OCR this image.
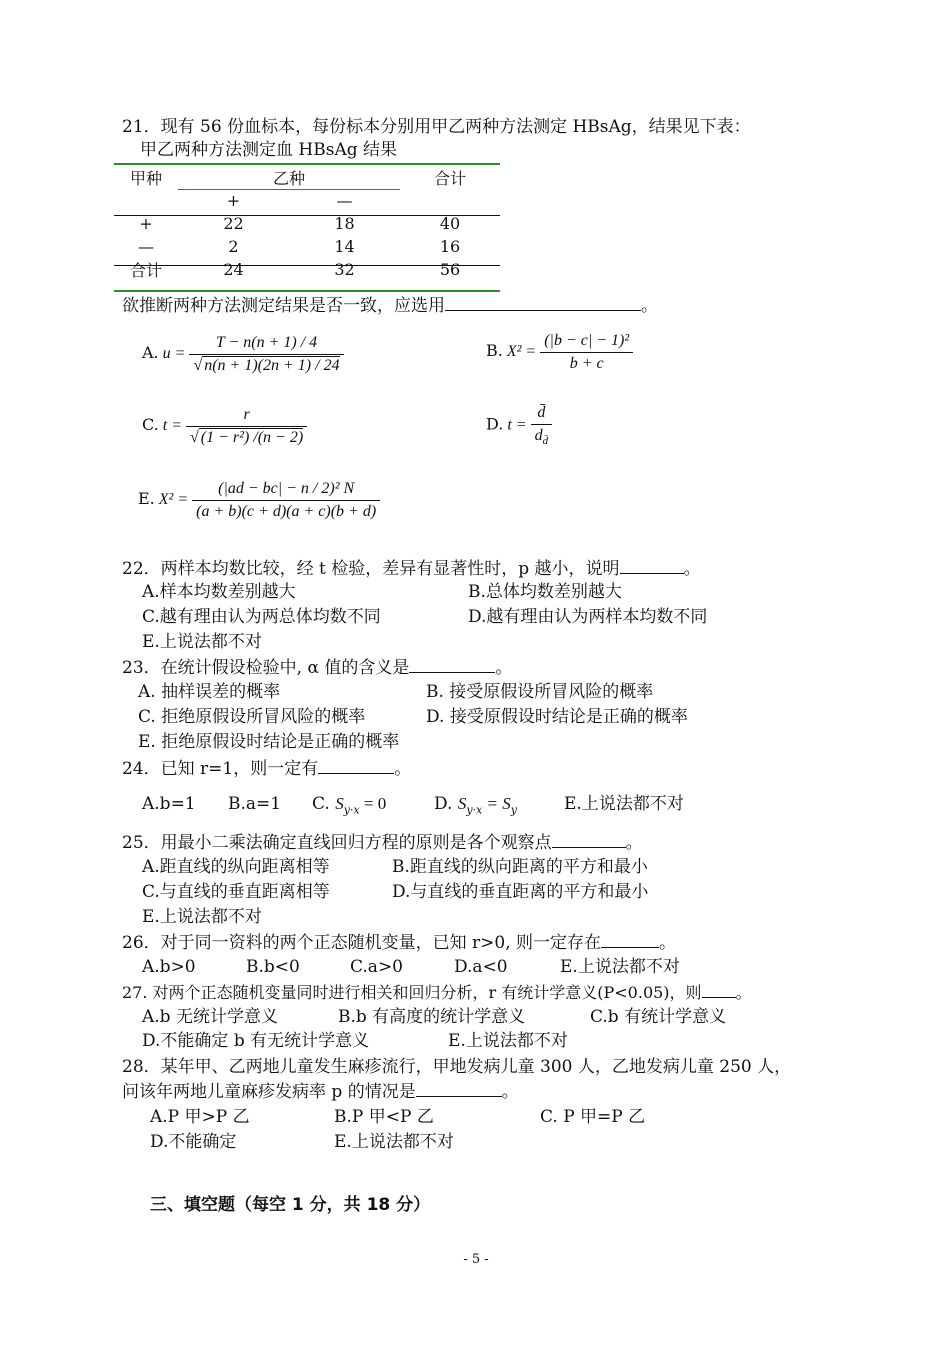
21．现有 56 份血标本，每份标本分别用甲乙两种方法测定 HBsAg，结果见下表：
甲乙两种方法测定血 HBsAg 结果
甲种	乙种		合计
	+	—	
+	22	18	40
—	2	14	16
合计	24	32	56
欲推断两种方法测定结果是否一致，应选用	。
A. $u = \frac{T - n(n + 1) / 4}{√ n(n + 1)(2n + 1) / 24}$	B. $X^2 = \frac{\text{(|b − c| − 1)²}}{b + c}$
C. $t = \frac{r}{\text{√ (1 − r²) /(n − 2)}}$	D. $t = \frac{d̄}{d_{d̄}}$
E. $X^2 = \frac{\text{(|ad − bc| − n / 2)² N}}{(a + b)(c + d)(a + c)(b + d)}$
22．两样本均数比较，经 t 检验，差异有显著性时，p 越小，说明	。
A.样本均数差别越大	B.总体均数差别越大
C.越有理由认为两总体均数不同	D.越有理由认为两样本均数不同
E.上说法都不对
23．在统计假设检验中, α 值的含义是	。
A. 抽样误差的概率	B. 接受原假设所冒风险的概率
C. 拒绝原假设所冒风险的概率	D. 接受原假设时结论是正确的概率
E. 拒绝原假设时结论是正确的概率
24．已知 r=1，则一定有	。
A.b=1 B.a=1 C. $S_{y\cdot x} = 0$	D. $S_{y\cdot x} = S_y$	E.上说法都不对
25．用最小二乘法确定直线回归方程的原则是各个观察点	。
A.距直线的纵向距离相等	B.距直线的纵向距离的平方和最小
C.与直线的垂直距离相等	D.与直线的垂直距离的平方和最小
E.上说法都不对
26．对于同一资料的两个正态随机变量，已知 r>0, 则一定存在	。
A.b>0	B.b<0	C.a>0	D.a<0	E.上说法都不对
27. 对两个正态随机变量同时进行相关和回归分析，r 有统计学意义(P<0.05)，则 。
A.b 无统计学意义	B.b 有高度的统计学意义	C.b 有统计学意义
D.不能确定 b 有无统计学意义	E.上说法都不对
28．某年甲、乙两地儿童发生麻疹流行，甲地发病儿童 300 人，乙地发病儿童 250 人，
问该年两地儿童麻疹发病率 p 的情况是	。
A.P 甲>P 乙	B.P 甲<P 乙	C. P 甲=P 乙
D.不能确定	E.上说法都不对
三、填空题（每空 1 分，共 18 分）
- 5 -
